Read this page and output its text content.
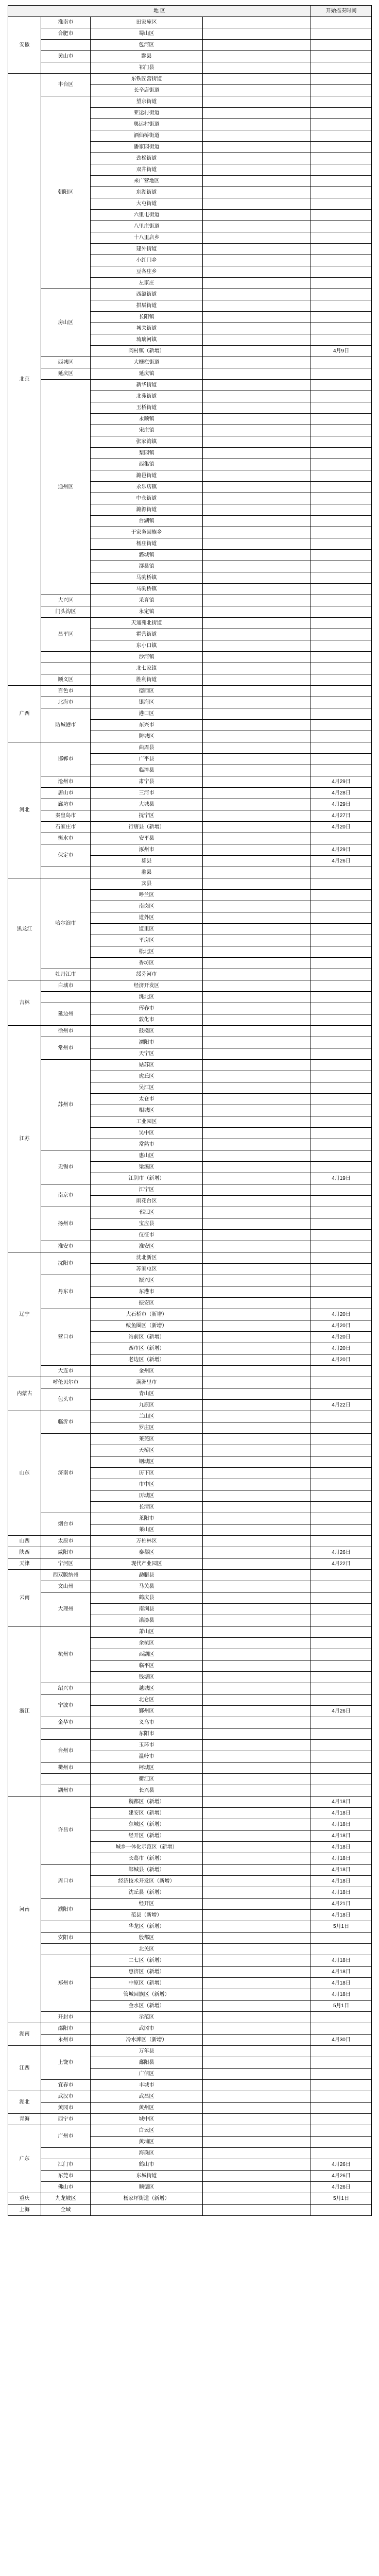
地 区				开始摇奏时间
安徽	淮南市	田家庵区		
	合肥市	蜀山区		
		包河区		
	黄山市	黟县		
		祁门县		
北京	丰台区	东铁匠营街道		
		长辛店街道		
	朝阳区	望京街道		
		亚运村街道		
		奥运村街道		
		酒仙桥街道		
		潘家园街道		
		劲松街道		
		双井街道		
		来广营地区		
		东湖街道		
		大屯街道		
		六里屯街道		
		八里庄街道		
		十八里店乡		
		建外街道		
		小红门乡		
		豆各庄乡		
		左家庄		
	房山区	西潞街道		
		拱辰街道		
		长阳镇		
		城关街道		
		琉璃河镇		
		阎村镇（新增）		4月9日
	西城区	大栅栏街道		
	延庆区	延庆镇		
	通州区	新华街道		
		北苑街道		
		玉桥街道		
		永顺镇		
		宋庄镇		
		张家湾镇		
		梨园镇		
		西集镇		
		潞邑街道		
		永乐店镇		
		中仓街道		
		潞源街道		
		台湖镇		
		于家务回族乡		
		杨庄街道		
		潞城镇		
		漷县镇		
		马驹桥镇		
		马驹桥镇		
	大兴区	采育镇		
	门头沟区	永定镇		
	昌平区	天通苑北街道		
		霍营街道		
		东小口镇		
		沙河镇		
		北七家镇		
	顺义区	胜利街道		
广西	百色市	德西区		
	北海市	银海区		
	防城港市	港口区		
		东兴市		
		防城区		
河北	邯郸市	曲周县		
		广平县		
		临漳县		
	沧州市	肃宁县		4月29日
	唐山市	三河市		4月28日
	廊坊市	大城县		4月29日
	秦皇岛市	抚宁区		4月27日
	石家庄市	行唐县（新增）		4月20日
	衡水市	安平县		
	保定市	涿州市		4月29日
		雄县		4月26日
		蠡县		
黑龙江	哈尔滨市	宾县		
		呼兰区		
		南岗区		
		道外区		
		道里区		
		平房区		
		松北区		
		香坊区		
	牡丹江市	绥芬河市		
吉林	白城市	经济开发区		
		洮北区		
	延边州	珲春市		
		敦化市		
江苏	徐州市	鼓楼区		
	常州市	溧阳市		
		天宁区		
	苏州市	姑苏区		
		虎丘区		
		吴江区		
		太仓市		
		相城区		
		工业园区		
		吴中区		
		常熟市		
	无锡市	惠山区		
		梁溪区		
		江阴市（新增）		4月19日
	南京市	江宁区		
		雨花台区		
	扬州市	邗江区		
		宝应县		
		仪征市		
	淮安市	淮安区		
辽宁	沈阳市	沈北新区		
		苏家屯区		
	丹东市	振兴区		
		东港市		
		振安区		
	营口市	大石桥市（新增）		4月20日
		鲅鱼圈区（新增）		4月20日
		站前区（新增）		4月20日
		西市区（新增）		4月20日
		老边区（新增）		4月20日
	大连市	金州区		
内蒙古	呼伦贝尔市	满洲里市		
	包头市	青山区		
		九原区		4月22日
山东	临沂市	兰山区		
		罗庄区		
	济南市	莱芜区		
		天桥区		
		钢城区		
		历下区		
		市中区		
		历城区		
		长清区		
	烟台市	莱阳市		
		莱山区		
山西	太原市	万柏林区		
陕西	咸阳市	秦都区		4月26日
天津	宁河区	现代产业园区		4月22日
云南	西双版纳州	勐腊县		
	文山州	马关县		
	大理州	鹤庆县		
		南涧县		
		漾濞县		
浙江	杭州市	萧山区		
		余杭区		
		西湖区		
		临平区		
		钱塘区		
	绍兴市	越城区		
	宁波市	北仑区		
		鄞州区		4月26日
	金华市	义乌市		
		东阳市		
	台州市	玉环市		
		温岭市		
	衢州市	柯城区		
		衢江区		
	湖州市	长兴县		
河南	许昌市	魏都区（新增）		4月18日
		建安区（新增）		4月18日
		东城区（新增）		4月18日
		经开区（新增）		4月18日
		城乡一体化示范区（新增）		4月18日
		长葛市（新增）		4月18日
	周口市	郸城县（新增）		4月18日
		经济技术开发区（新增）		4月18日
		沈丘县（新增）		4月18日
	濮阳市	经开区		4月21日
		范县（新增）		4月18日
		华龙区（新增）		5月1日
	安阳市	殷都区		
		北关区		
	郑州市	二七区（新增）		4月18日
		惠济区（新增）		4月18日
		中原区（新增）		4月18日
		管城回族区（新增）		4月18日
		金水区（新增）		5月1日
	开封市	示范区		
湖南	邵阳市	武冈市		
	永州市	冷水滩区（新增）		4月30日
江西	上饶市	万年县		
		鄱阳县		
		广信区		
	宜春市	丰城市		
湖北	武汉市	武昌区		
	黄冈市	黄州区		
青海	西宁市	城中区		
广东	广州市	白云区		
		黄埔区		
		海珠区		
	江门市	鹤山市		4月26日
	东莞市	东城街道		4月26日
	佛山市	顺德区		4月26日
重庆	九龙坡区	杨家坪街道（新增）		5月1日
上海	全域			
